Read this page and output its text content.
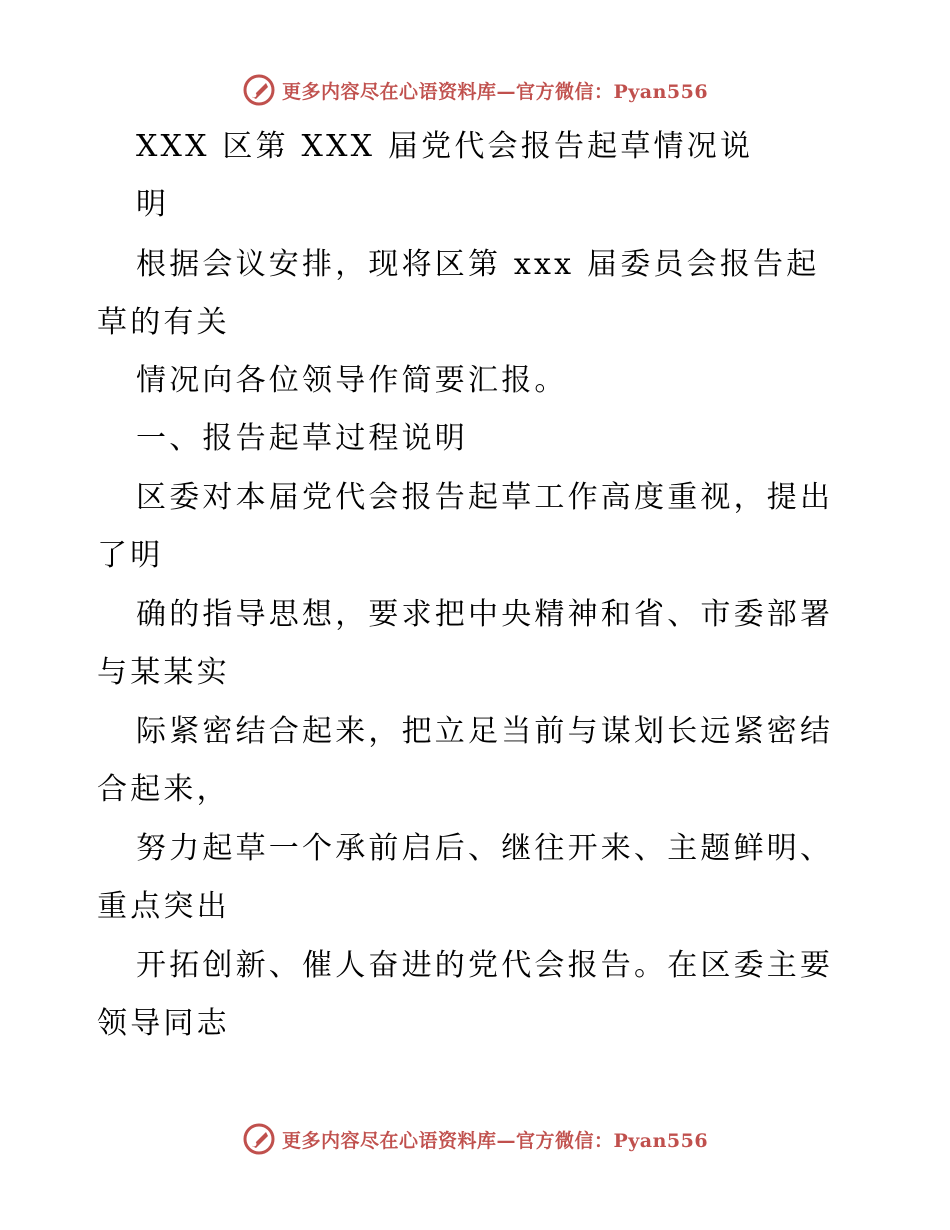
更多内容尽在心语资料库—官方微信：Pyan556
XXX 区第 XXX 届党代会报告起草情况说
明
根据会议安排，现将区第 xxx 届委员会报告起
草的有关
情况向各位领导作简要汇报。
一、报告起草过程说明
区委对本届党代会报告起草工作高度重视，提出
了明
确的指导思想，要求把中央精神和省、市委部署
与某某实
际紧密结合起来，把立足当前与谋划长远紧密结
合起来，
努力起草一个承前启后、继往开来、主题鲜明、
重点突出
开拓创新、催人奋进的党代会报告。在区委主要
领导同志
更多内容尽在心语资料库—官方微信：Pyan556
